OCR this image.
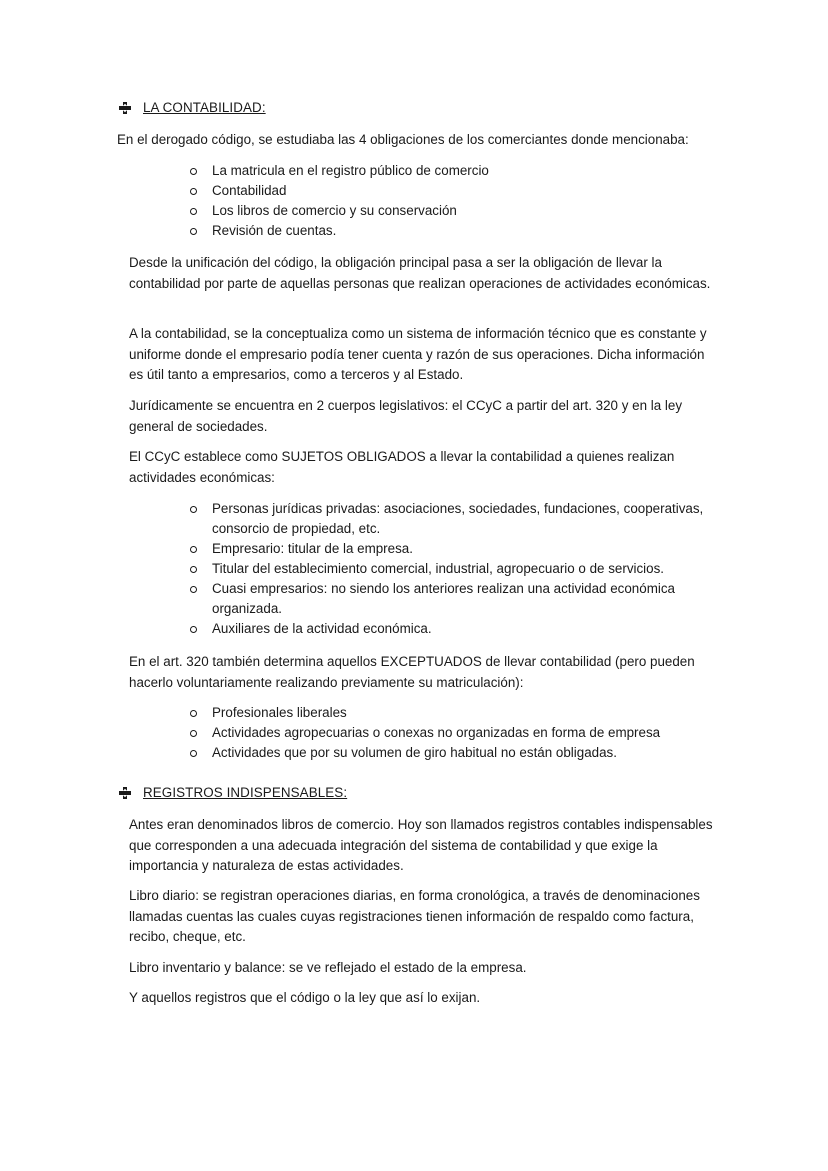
LA CONTABILIDAD:
En el derogado código, se estudiaba las 4 obligaciones de los comerciantes donde mencionaba:
La matricula en el registro público de comercio
Contabilidad
Los libros de comercio y su conservación
Revisión de cuentas.
Desde la unificación del código, la obligación principal pasa a ser la obligación de llevar la contabilidad por parte de aquellas personas que realizan operaciones de actividades económicas.
A la contabilidad, se la conceptualiza como un sistema de información técnico que es constante y uniforme donde el empresario podía tener cuenta y razón de sus operaciones. Dicha información es útil tanto a empresarios, como a terceros y al Estado.
Jurídicamente se encuentra en 2 cuerpos legislativos: el CCyC a partir del art. 320 y en la ley general de sociedades.
El CCyC establece como SUJETOS OBLIGADOS a llevar la contabilidad a quienes realizan actividades económicas:
Personas jurídicas privadas: asociaciones, sociedades, fundaciones, cooperativas, consorcio de propiedad, etc.
Empresario: titular de la empresa.
Titular del establecimiento comercial, industrial, agropecuario o de servicios.
Cuasi empresarios: no siendo los anteriores realizan una actividad económica organizada.
Auxiliares de la actividad económica.
En el art. 320 también determina aquellos EXCEPTUADOS de llevar contabilidad (pero pueden hacerlo voluntariamente realizando previamente su matriculación):
Profesionales liberales
Actividades agropecuarias o conexas no organizadas en forma de empresa
Actividades que por su volumen de giro habitual no están obligadas.
REGISTROS INDISPENSABLES:
Antes eran denominados libros de comercio. Hoy son llamados registros contables indispensables que corresponden a una adecuada integración del sistema de contabilidad y que exige la importancia y naturaleza de estas actividades.
Libro diario: se registran operaciones diarias, en forma cronológica, a través de denominaciones llamadas cuentas las cuales cuyas registraciones tienen información de respaldo como factura, recibo, cheque, etc.
Libro inventario y balance: se ve reflejado el estado de la empresa.
Y aquellos registros que el código o la ley que así lo exijan.
